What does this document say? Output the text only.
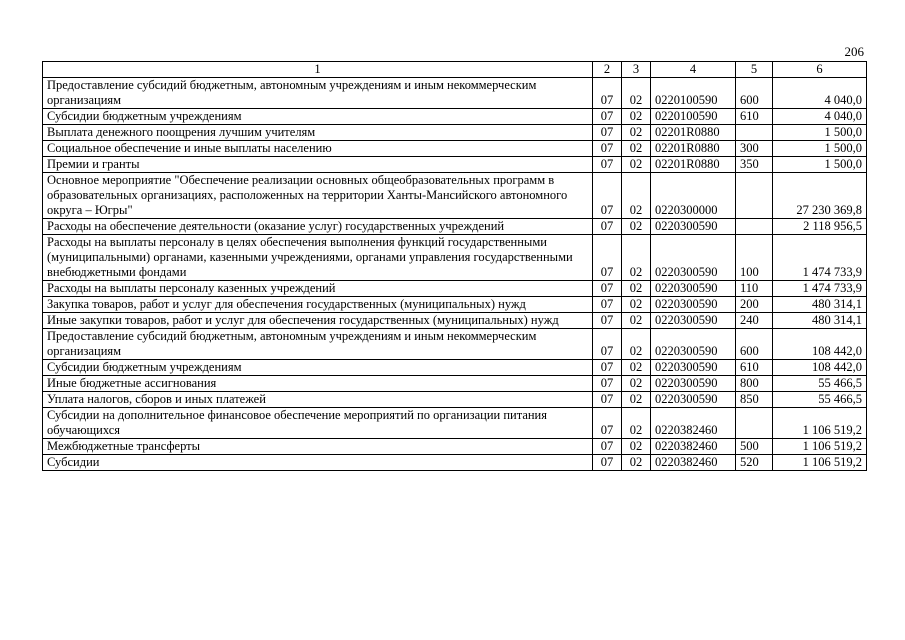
206
1	2	3	4	5	6
Предоставление субсидий бюджетным, автономным учреждениям и иным некоммерческим организациям	07	02	0220100590	600	4 040,0
Субсидии бюджетным учреждениям	07	02	0220100590	610	4 040,0
Выплата денежного поощрения лучшим учителям	07	02	02201R0880		1 500,0
Социальное обеспечение и иные выплаты населению	07	02	02201R0880	300	1 500,0
Премии и гранты	07	02	02201R0880	350	1 500,0
Основное мероприятие "Обеспечение реализации основных общеобразовательных программ в образовательных организациях, расположенных на территории Ханты-Мансийского автономного округа – Югры"	07	02	0220300000		27 230 369,8
Расходы на обеспечение деятельности (оказание услуг) государственных учреждений	07	02	0220300590		2 118 956,5
Расходы на выплаты персоналу в целях обеспечения выполнения функций государственными (муниципальными) органами, казенными учреждениями, органами управления государственными внебюджетными фондами	07	02	0220300590	100	1 474 733,9
Расходы на выплаты персоналу казенных учреждений	07	02	0220300590	110	1 474 733,9
Закупка товаров, работ и услуг для обеспечения государственных (муниципальных) нужд	07	02	0220300590	200	480 314,1
Иные закупки товаров, работ и услуг для обеспечения государственных (муниципальных) нужд	07	02	0220300590	240	480 314,1
Предоставление субсидий бюджетным, автономным учреждениям и иным некоммерческим организациям	07	02	0220300590	600	108 442,0
Субсидии бюджетным учреждениям	07	02	0220300590	610	108 442,0
Иные бюджетные ассигнования	07	02	0220300590	800	55 466,5
Уплата налогов, сборов и иных платежей	07	02	0220300590	850	55 466,5
Субсидии на дополнительное финансовое обеспечение мероприятий по организации питания обучающихся	07	02	0220382460		1 106 519,2
Межбюджетные трансферты	07	02	0220382460	500	1 106 519,2
Субсидии	07	02	0220382460	520	1 106 519,2
